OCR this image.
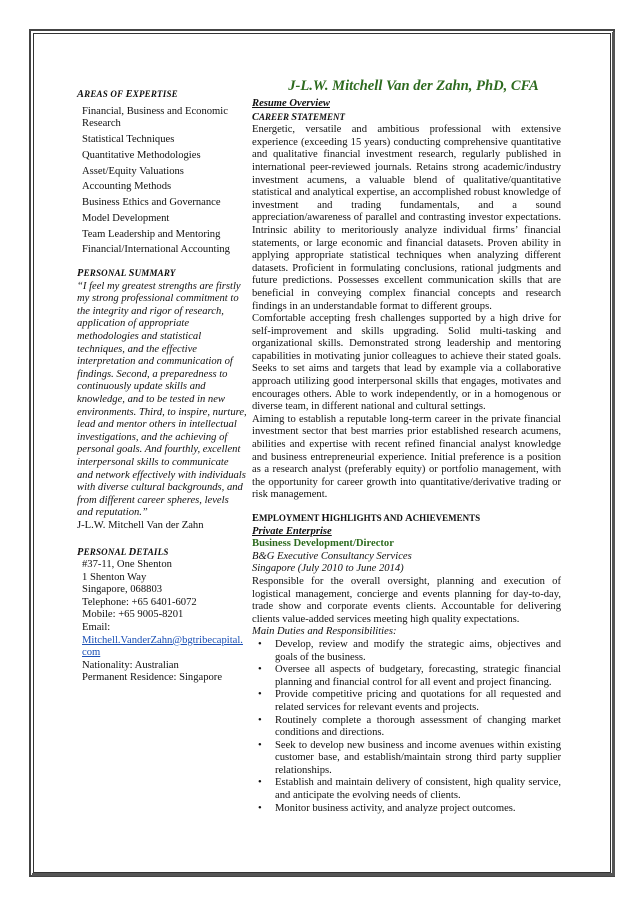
AREAS OF EXPERTISE

Financial, Business and Economic Research
Statistical Techniques
Quantitative Methodologies
Asset/Equity Valuations
Accounting Methods
Business Ethics and Governance
Model Development
Team Leadership and Mentoring
Financial/International Accounting

PERSONAL SUMMARY

“I feel my greatest strengths are firstly my strong professional commitment to the integrity and rigor of research, application of appropriate methodologies and statistical techniques, and the effective interpretation and communication of findings. Second, a preparedness to continuously update skills and knowledge, and to be tested in new environments. Third, to inspire, nurture, lead and mentor others in intellectual investigations, and the achieving of personal goals. And fourthly, excellent interpersonal skills to communicate and network effectively with individuals with diverse cultural backgrounds, and from different career spheres, levels and reputation.”

J-L.W. Mitchell Van der Zahn

PERSONAL DETAILS

#37-11, One Shenton
1 Shenton Way
Singapore, 068803
Telephone: +65 6401-6072
Mobile: +65 9005-8201
Email:
Mitchell.VanderZahn@bgtribecapital.com
Nationality: Australian
Permanent Residence: Singapore

J-L.W. Mitchell Van der Zahn, PhD, CFA

Resume Overview

CAREER STATEMENT

Energetic, versatile and ambitious professional with extensive experience (exceeding 15 years) conducting comprehensive quantitative and qualitative financial investment research, regularly published in international peer-reviewed journals. Retains strong academic/industry investment acumens, a valuable blend of qualitative/quantitative statistical and analytical expertise, an accomplished robust knowledge of investment and trading fundamentals, and a sound appreciation/awareness of parallel and contrasting investor expectations. Intrinsic ability to meritoriously analyze individual firms’ financial statements, or large economic and financial datasets. Proven ability in applying appropriate statistical techniques when analyzing different datasets. Proficient in formulating conclusions, rational judgments and future predictions. Possesses excellent communication skills that are beneficial in conveying complex financial concepts and research findings in an understandable format to different groups.

Comfortable accepting fresh challenges supported by a high drive for self-improvement and skills upgrading. Solid multi-tasking and organizational skills. Demonstrated strong leadership and mentoring capabilities in motivating junior colleagues to achieve their stated goals. Seeks to set aims and targets that lead by example via a collaborative approach utilizing good interpersonal skills that engages, motivates and encourages others. Able to work independently, or in a homogenous or diverse team, in different national and cultural settings.

Aiming to establish a reputable long-term career in the private financial investment sector that best marries prior established research acumens, abilities and expertise with recent refined financial analyst knowledge and business entrepreneurial experience. Initial preference is a position as a research analyst (preferably equity) or portfolio management, with the opportunity for career growth into quantitative/derivative trading or risk management.

EMPLOYMENT HIGHLIGHTS AND ACHIEVEMENTS

Private Enterprise

Business Development/Director

B&G Executive Consultancy Services

Singapore (July 2010 to June 2014)

Responsible for the overall oversight, planning and execution of logistical management, concierge and events planning for day-to-day, trade show and corporate events clients. Accountable for delivering clients value-added services meeting high quality expectations.

Main Duties and Responsibilities:

• Develop, review and modify the strategic aims, objectives and goals of the business.
• Oversee all aspects of budgetary, forecasting, strategic financial planning and financial control for all event and project financing.
• Provide competitive pricing and quotations for all requested and related services for relevant events and projects.
• Routinely complete a thorough assessment of changing market conditions and directions.
• Seek to develop new business and income avenues within existing customer base, and establish/maintain strong third party supplier relationships.
• Establish and maintain delivery of consistent, high quality service, and anticipate the evolving needs of clients.
• Monitor business activity, and analyze project outcomes.
